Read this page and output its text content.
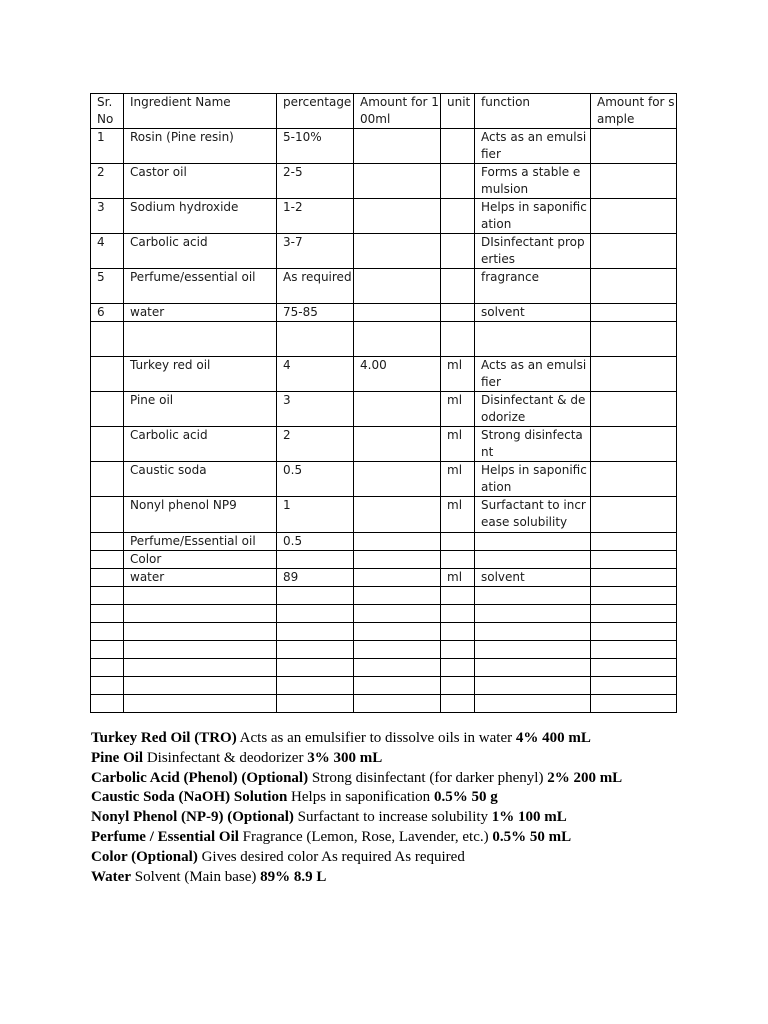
Sr. No	Ingredient Name	percentage	Amount for 100ml	unit	function	Amount for sample
1	Rosin (Pine resin)	5-10%			Acts as an emulsifier	
2	Castor oil	2-5			Forms a stable emulsion	
3	Sodium hydroxide	1-2			Helps in saponification	
4	Carbolic acid	3-7			DIsinfectant properties	
5	Perfume/essential oil	As required			fragrance	
6	water	75-85			solvent	

	Turkey red oil	4	4.00	ml	Acts as an emulsifier	
	Pine oil	3		ml	Disinfectant & deodorize	
	Carbolic acid	2		ml	Strong disinfectant	
	Caustic soda	0.5		ml	Helps in saponification	
	Nonyl phenol NP9	1		ml	Surfactant to increase solubility	
	Perfume/Essential oil	0.5				
	Color					
	water	89		ml	solvent	

Turkey Red Oil (TRO) Acts as an emulsifier to dissolve oils in water 4% 400 mL
Pine Oil Disinfectant & deodorizer 3% 300 mL
Carbolic Acid (Phenol) (Optional) Strong disinfectant (for darker phenyl) 2% 200 mL
Caustic Soda (NaOH) Solution Helps in saponification 0.5% 50 g
Nonyl Phenol (NP-9) (Optional) Surfactant to increase solubility 1% 100 mL
Perfume / Essential Oil Fragrance (Lemon, Rose, Lavender, etc.) 0.5% 50 mL
Color (Optional) Gives desired color As required As required
Water Solvent (Main base) 89% 8.9 L
